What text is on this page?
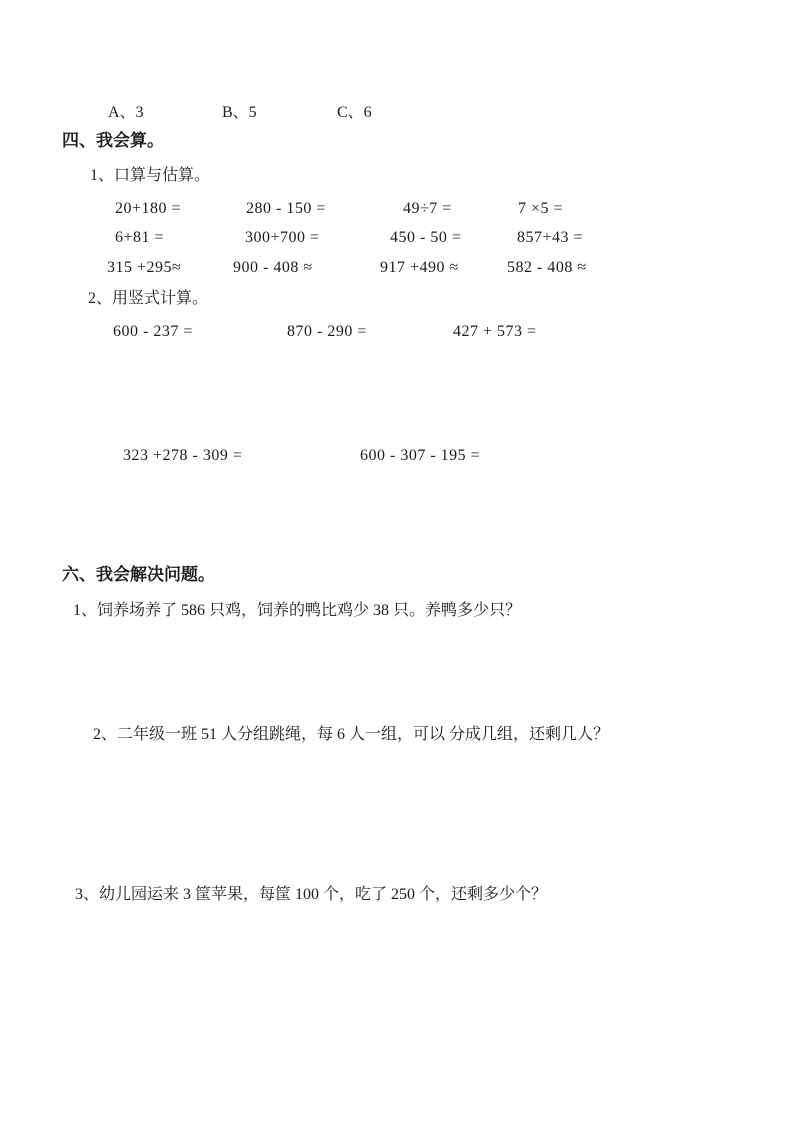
A、3	B、5	C、6
四、我会算。
1、口算与估算。
20+180 =	280 - 150 =	49÷7 =	7 ×5 =
6+81 =	300+700 =	450 - 50 =	857+43 =
315 +295≈	900 - 408 ≈	917 +490 ≈	582 - 408 ≈
2、用竖式计算。
600 - 237 =	870 - 290 =	427 + 573 =
323 +278 - 309 =	600 - 307 - 195 =
六、我会解决问题。
1、饲养场养了 586 只鸡，饲养的鸭比鸡少 38 只。养鸭多少只？
2、二年级一班 51 人分组跳绳，每 6 人一组，可以 分成几组，还剩几人？
3、幼儿园运来 3 筐苹果，每筐 100 个，吃了 250 个，还剩多少个？
